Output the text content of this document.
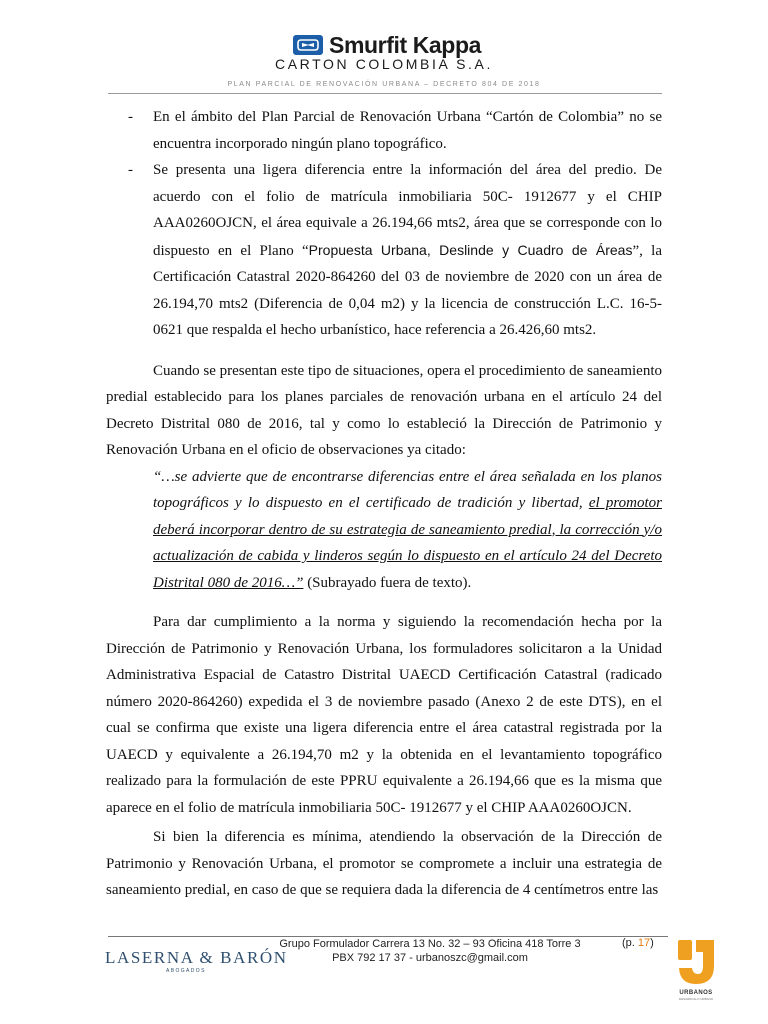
Smurfit Kappa
CARTON COLOMBIA S.A.
PLAN PARCIAL DE RENOVACIÓN URBANA – DECRETO 804 DE 2018
- En el ámbito del Plan Parcial de Renovación Urbana “Cartón de Colombia” no se encuentra incorporado ningún plano topográfico.
- Se presenta una ligera diferencia entre la información del área del predio. De acuerdo con el folio de matrícula inmobiliaria 50C- 1912677 y el CHIP AAA0260OJCN, el área equivale a 26.194,66 mts2, área que se corresponde con lo dispuesto en el Plano “Propuesta Urbana, Deslinde y Cuadro de Áreas”, la Certificación Catastral 2020-864260 del 03 de noviembre de 2020 con un área de 26.194,70 mts2 (Diferencia de 0,04 m2) y la licencia de construcción L.C. 16-5-0621 que respalda el hecho urbanístico, hace referencia a 26.426,60 mts2.
Cuando se presentan este tipo de situaciones, opera el procedimiento de saneamiento predial establecido para los planes parciales de renovación urbana en el artículo 24 del Decreto Distrital 080 de 2016, tal y como lo estableció la Dirección de Patrimonio y Renovación Urbana en el oficio de observaciones ya citado:
“…se advierte que de encontrarse diferencias entre el área señalada en los planos topográficos y lo dispuesto en el certificado de tradición y libertad, el promotor deberá incorporar dentro de su estrategia de saneamiento predial, la corrección y/o actualización de cabida y linderos según lo dispuesto en el artículo 24 del Decreto Distrital 080 de 2016…” (Subrayado fuera de texto).
Para dar cumplimiento a la norma y siguiendo la recomendación hecha por la Dirección de Patrimonio y Renovación Urbana, los formuladores solicitaron a la Unidad Administrativa Espacial de Catastro Distrital UAECD Certificación Catastral (radicado número 2020-864260) expedida el 3 de noviembre pasado (Anexo 2 de este DTS), en el cual se confirma que existe una ligera diferencia entre el área catastral registrada por la UAECD y equivalente a 26.194,70 m2 y la obtenida en el levantamiento topográfico realizado para la formulación de este PPRU equivalente a 26.194,66 que es la misma que aparece en el folio de matrícula inmobiliaria 50C- 1912677 y el CHIP AAA0260OJCN.
Si bien la diferencia es mínima, atendiendo la observación de la Dirección de Patrimonio y Renovación Urbana, el promotor se compromete a incluir una estrategia de saneamiento predial, en caso de que se requiera dada la diferencia de 4 centímetros entre las
LASERNA & BARÓN
ABOGADOS
Grupo Formulador Carrera 13 No. 32 – 93 Oficina 418 Torre 3
PBX 792 17 37 - urbanoszc@gmail.com
(p. 17)
URBANOS
DESARROLLO URBANO
